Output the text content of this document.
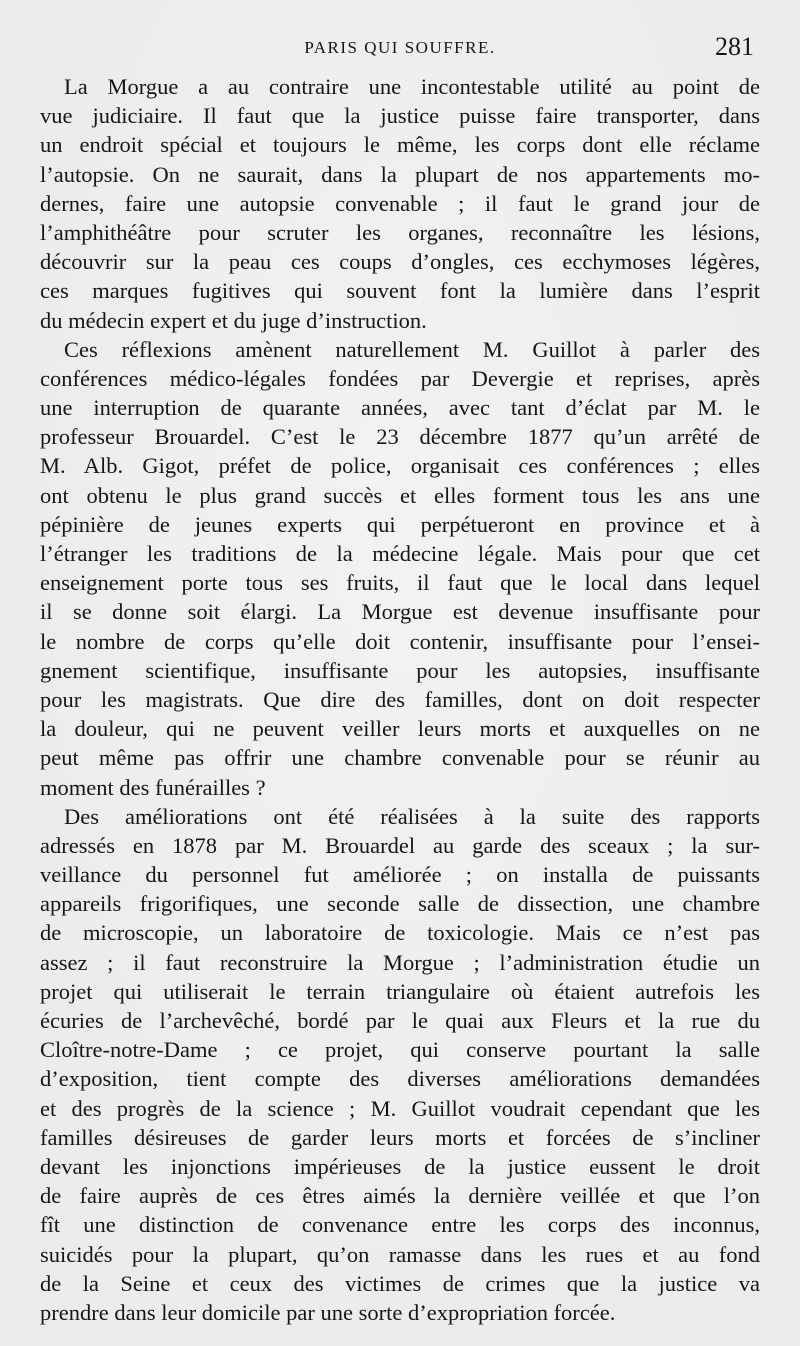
PARIS QUI SOUFFRE.	281
La Morgue a au contraire une incontestable utilité au point de
vue judiciaire. Il faut que la justice puisse faire transporter, dans
un endroit spécial et toujours le même, les corps dont elle réclame
l’autopsie. On ne saurait, dans la plupart de nos appartements mo-
dernes, faire une autopsie convenable ; il faut le grand jour de
l’amphithéâtre pour scruter les organes, reconnaître les lésions,
découvrir sur la peau ces coups d’ongles, ces ecchymoses légères,
ces marques fugitives qui souvent font la lumière dans l’esprit
du médecin expert et du juge d’instruction.
Ces réflexions amènent naturellement M. Guillot à parler des
conférences médico-légales fondées par Devergie et reprises, après
une interruption de quarante années, avec tant d’éclat par M. le
professeur Brouardel. C’est le 23 décembre 1877 qu’un arrêté de
M. Alb. Gigot, préfet de police, organisait ces conférences ; elles
ont obtenu le plus grand succès et elles forment tous les ans une
pépinière de jeunes experts qui perpétueront en province et à
l’étranger les traditions de la médecine légale. Mais pour que cet
enseignement porte tous ses fruits, il faut que le local dans lequel
il se donne soit élargi. La Morgue est devenue insuffisante pour
le nombre de corps qu’elle doit contenir, insuffisante pour l’ensei-
gnement scientifique, insuffisante pour les autopsies, insuffisante
pour les magistrats. Que dire des familles, dont on doit respecter
la douleur, qui ne peuvent veiller leurs morts et auxquelles on ne
peut même pas offrir une chambre convenable pour se réunir au
moment des funérailles ?
Des améliorations ont été réalisées à la suite des rapports
adressés en 1878 par M. Brouardel au garde des sceaux ; la sur-
veillance du personnel fut améliorée ; on installa de puissants
appareils frigorifiques, une seconde salle de dissection, une chambre
de microscopie, un laboratoire de toxicologie. Mais ce n’est pas
assez ; il faut reconstruire la Morgue ; l’administration étudie un
projet qui utiliserait le terrain triangulaire où étaient autrefois les
écuries de l’archevêché, bordé par le quai aux Fleurs et la rue du
Cloître-notre-Dame ; ce projet, qui conserve pourtant la salle
d’exposition, tient compte des diverses améliorations demandées
et des progrès de la science ; M. Guillot voudrait cependant que les
familles désireuses de garder leurs morts et forcées de s’incliner
devant les injonctions impérieuses de la justice eussent le droit
de faire auprès de ces êtres aimés la dernière veillée et que l’on
fît une distinction de convenance entre les corps des inconnus,
suicidés pour la plupart, qu’on ramasse dans les rues et au fond
de la Seine et ceux des victimes de crimes que la justice va
prendre dans leur domicile par une sorte d’expropriation forcée.
